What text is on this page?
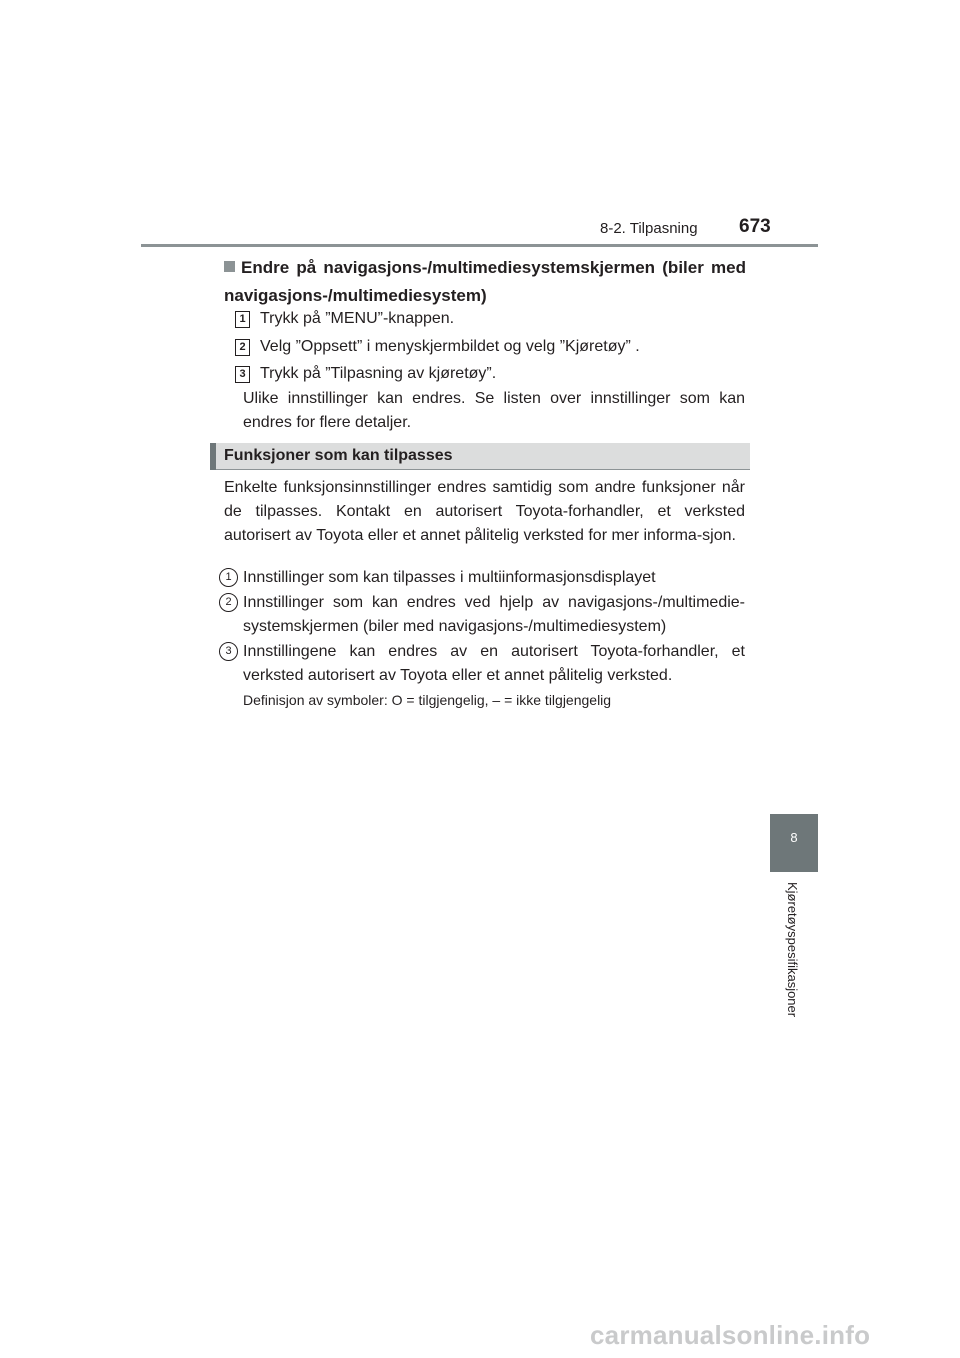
8-2. Tilpasning 673
Endre på navigasjons-/multimediesystemskjermen (biler med navigasjons-/multimediesystem)
1 Trykk på ”MENU”-knappen.
2 Velg ”Oppsett” i menyskjermbildet og velg ”Kjøretøy” .
3 Trykk på ”Tilpasning av kjøretøy”.
Ulike innstillinger kan endres. Se listen over innstillinger som kan endres for flere detaljer.
Funksjoner som kan tilpasses
Enkelte funksjonsinnstillinger endres samtidig som andre funksjoner når de tilpasses. Kontakt en autorisert Toyota-forhandler, et verksted autorisert av Toyota eller et annet pålitelig verksted for mer informa-sjon.
1 Innstillinger som kan tilpasses i multiinformasjonsdisplayet
2 Innstillinger som kan endres ved hjelp av navigasjons-/multimedie-systemskjermen (biler med navigasjons-/multimediesystem)
3 Innstillingene kan endres av en autorisert Toyota-forhandler, et verksted autorisert av Toyota eller et annet pålitelig verksted.
Definisjon av symboler: O = tilgjengelig, – = ikke tilgjengelig
8
Kjøretøyspesifikasjoner
carmanualsonline.info
